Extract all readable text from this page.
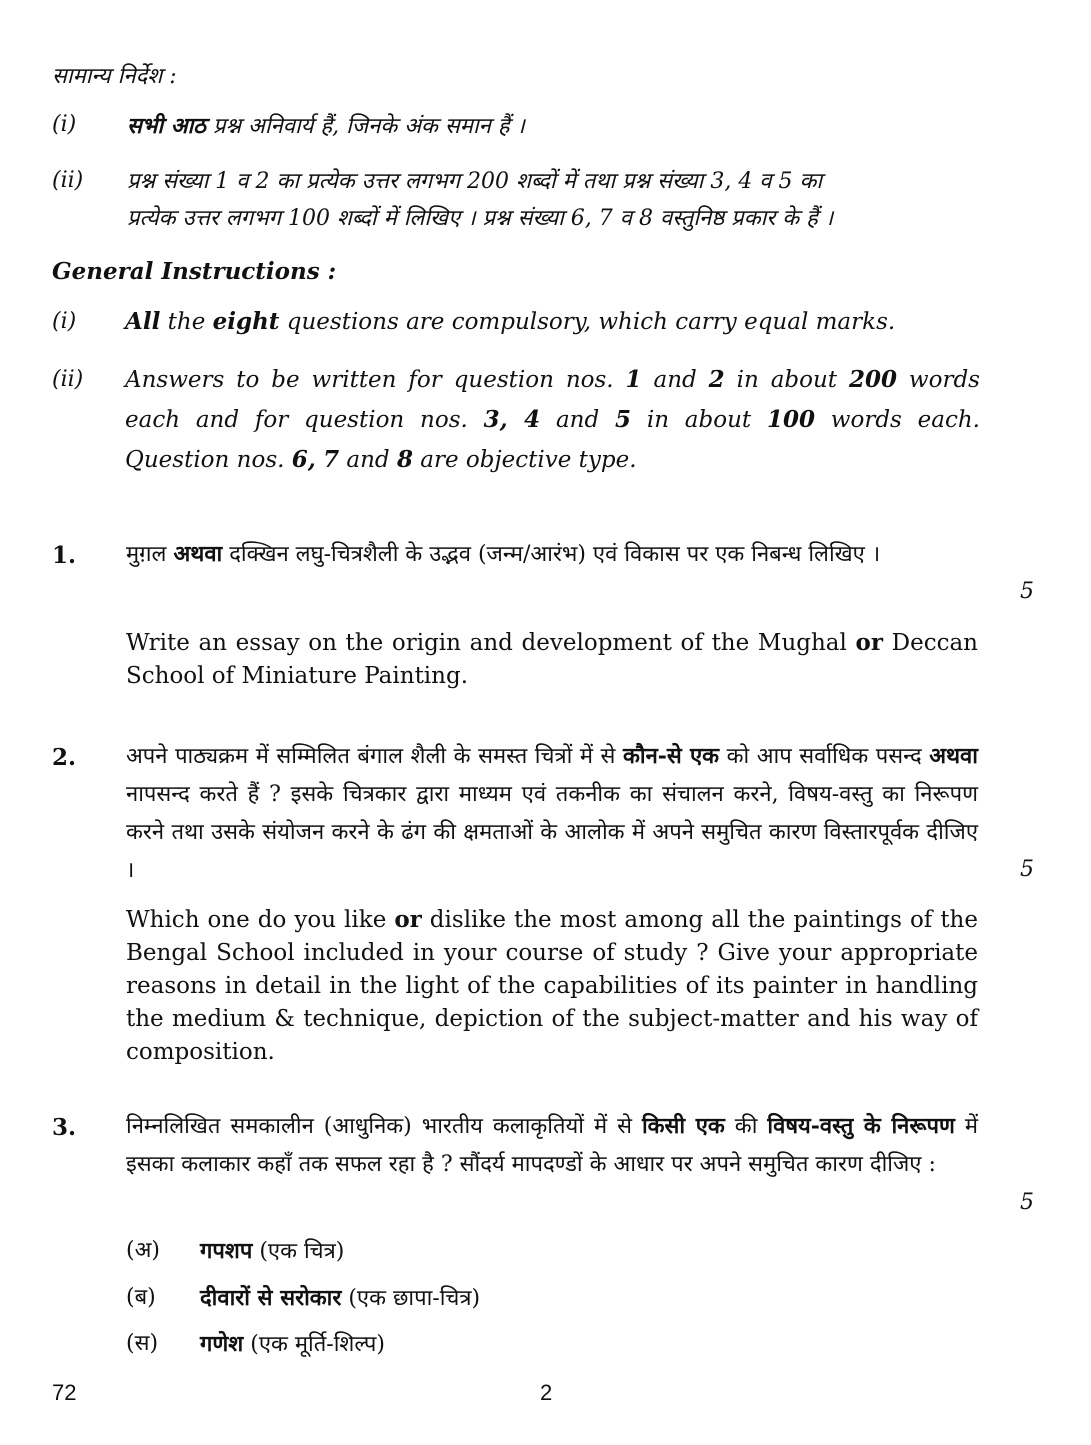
सामान्य निर्देश :
(i) सभी आठ प्रश्न अनिवार्य हैं, जिनके अंक समान हैं ।
(ii) प्रश्न संख्या 1 व 2 का प्रत्येक उत्तर लगभग 200 शब्दों में तथा प्रश्न संख्या 3, 4 व 5 का
प्रत्येक उत्तर लगभग 100 शब्दों में लिखिए । प्रश्न संख्या 6, 7 व 8 वस्तुनिष्ठ प्रकार के हैं ।
General Instructions :
(i) All the eight questions are compulsory, which carry equal marks.
(ii) Answers to be written for question nos. 1 and 2 in about 200 words each and for question nos. 3, 4 and 5 in about 100 words each. Question nos. 6, 7 and 8 are objective type.
1. मुग़ल अथवा दक्खिन लघु-चित्रशैली के उद्भव (जन्म/आरंभ) एवं विकास पर एक निबन्ध लिखिए ।
5
Write an essay on the origin and development of the Mughal or Deccan School of Miniature Painting.
2. अपने पाठ्यक्रम में सम्मिलित बंगाल शैली के समस्त चित्रों में से कौन-से एक को आप सर्वाधिक पसन्द अथवा नापसन्द करते हैं ? इसके चित्रकार द्वारा माध्यम एवं तकनीक का संचालन करने, विषय-वस्तु का निरूपण करने तथा उसके संयोजन करने के ढंग की क्षमताओं के आलोक में अपने समुचित कारण विस्तारपूर्वक दीजिए ।	5
Which one do you like or dislike the most among all the paintings of the Bengal School included in your course of study ? Give your appropriate reasons in detail in the light of the capabilities of its painter in handling the medium & technique, depiction of the subject-matter and his way of composition.
3. निम्नलिखित समकालीन (आधुनिक) भारतीय कलाकृतियों में से किसी एक की विषय-वस्तु के निरूपण में इसका कलाकार कहाँ तक सफल रहा है ? सौंदर्य मापदण्डों के आधार पर अपने समुचित कारण दीजिए :
5
(अ) गपशप (एक चित्र)
(ब) दीवारों से सरोकार (एक छापा-चित्र)
(स) गणेश (एक मूर्ति-शिल्प)
72	2
